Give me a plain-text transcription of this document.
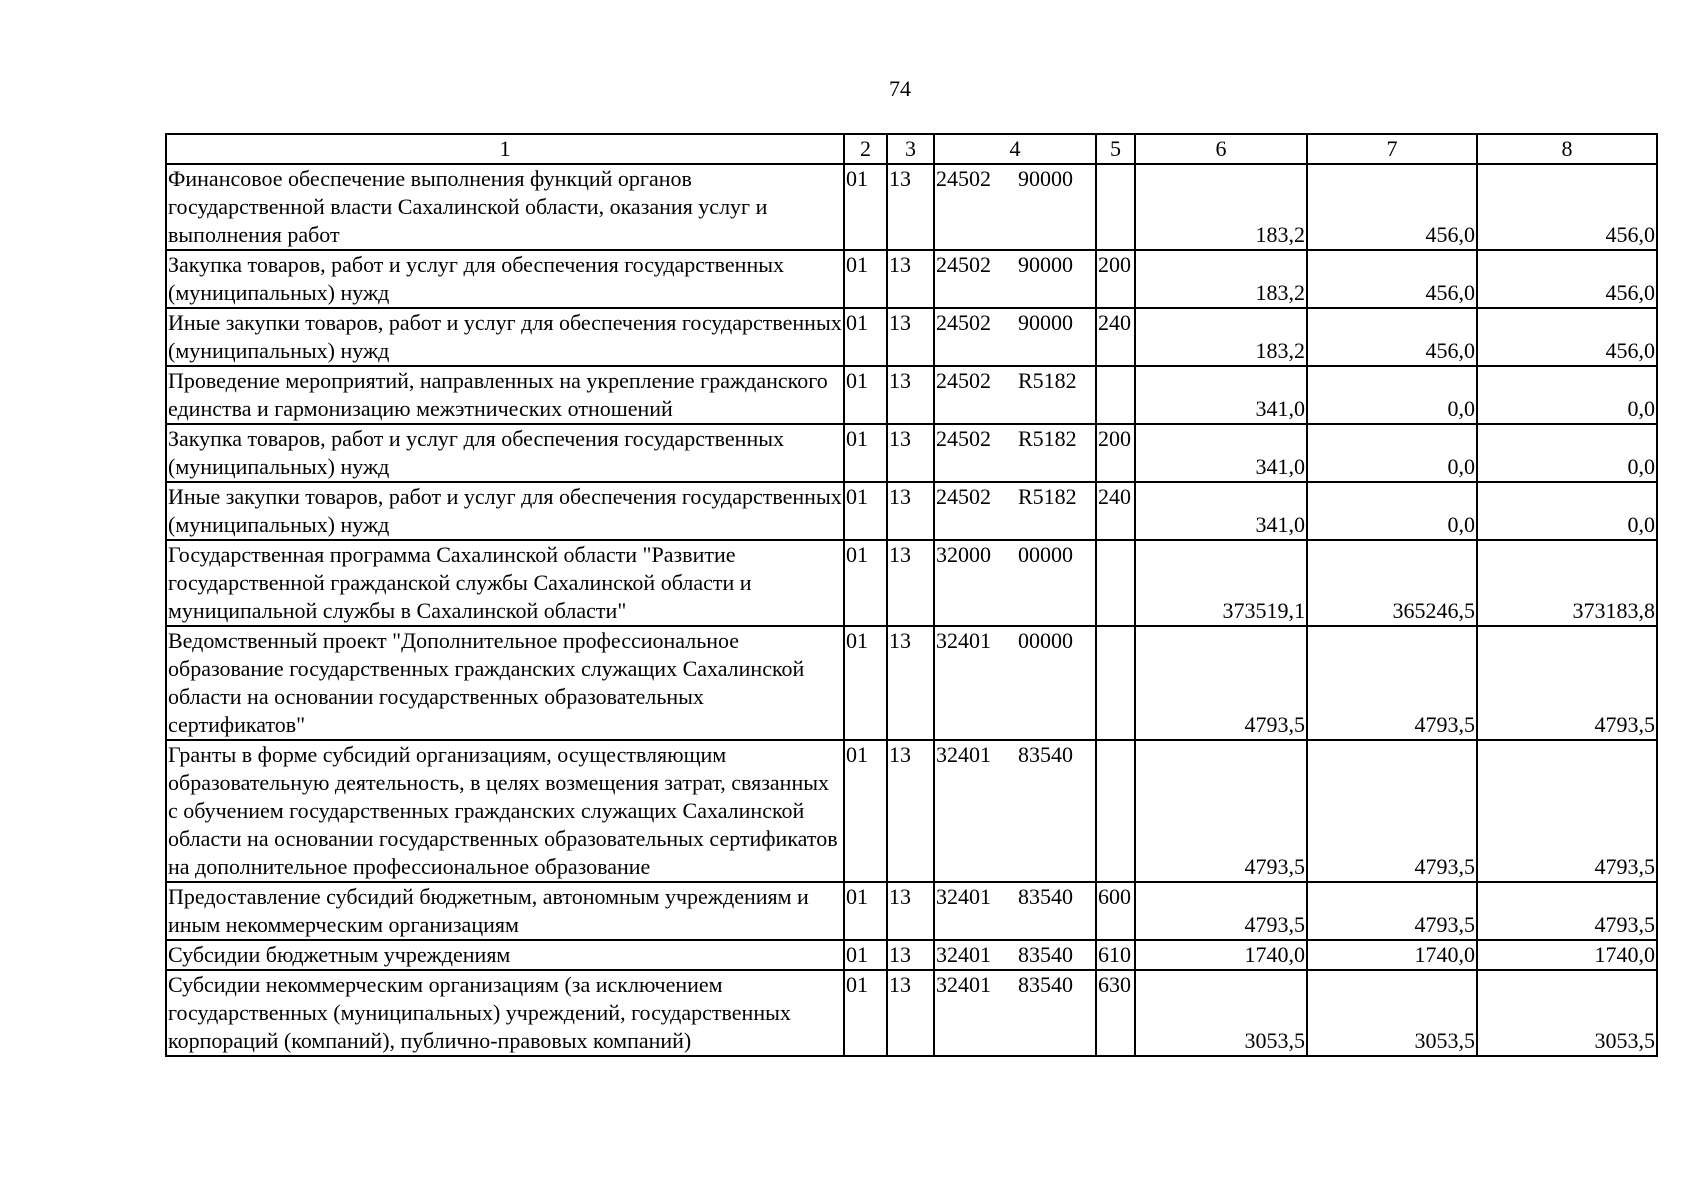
74
1	2	3	4	5	6	7	8
Финансовое обеспечение выполнения функций органов государственной власти Сахалинской области, оказания услуг и выполнения работ	01	13	24502 90000		183,2	456,0	456,0
Закупка товаров, работ и услуг для обеспечения государственных (муниципальных) нужд	01	13	24502 90000	200	183,2	456,0	456,0
Иные закупки товаров, работ и услуг для обеспечения государственных (муниципальных) нужд	01	13	24502 90000	240	183,2	456,0	456,0
Проведение мероприятий, направленных на укрепление гражданского единства и гармонизацию межэтнических отношений	01	13	24502 R5182		341,0	0,0	0,0
Закупка товаров, работ и услуг для обеспечения государственных (муниципальных) нужд	01	13	24502 R5182	200	341,0	0,0	0,0
Иные закупки товаров, работ и услуг для обеспечения государственных (муниципальных) нужд	01	13	24502 R5182	240	341,0	0,0	0,0
Государственная программа Сахалинской области "Развитие государственной гражданской службы Сахалинской области и муниципальной службы в Сахалинской области"	01	13	32000 00000		373519,1	365246,5	373183,8
Ведомственный проект "Дополнительное профессиональное образование государственных гражданских служащих Сахалинской области на основании государственных образовательных сертификатов"	01	13	32401 00000		4793,5	4793,5	4793,5
Гранты в форме субсидий организациям, осуществляющим образовательную деятельность, в целях возмещения затрат, связанных с обучением государственных гражданских служащих Сахалинской области на основании государственных образовательных сертификатов на дополнительное профессиональное образование	01	13	32401 83540		4793,5	4793,5	4793,5
Предоставление субсидий бюджетным, автономным учреждениям и иным некоммерческим организациям	01	13	32401 83540	600	4793,5	4793,5	4793,5
Субсидии бюджетным учреждениям	01	13	32401 83540	610	1740,0	1740,0	1740,0
Субсидии некоммерческим организациям (за исключением государственных (муниципальных) учреждений, государственных корпораций (компаний), публично-правовых компаний)	01	13	32401 83540	630	3053,5	3053,5	3053,5
